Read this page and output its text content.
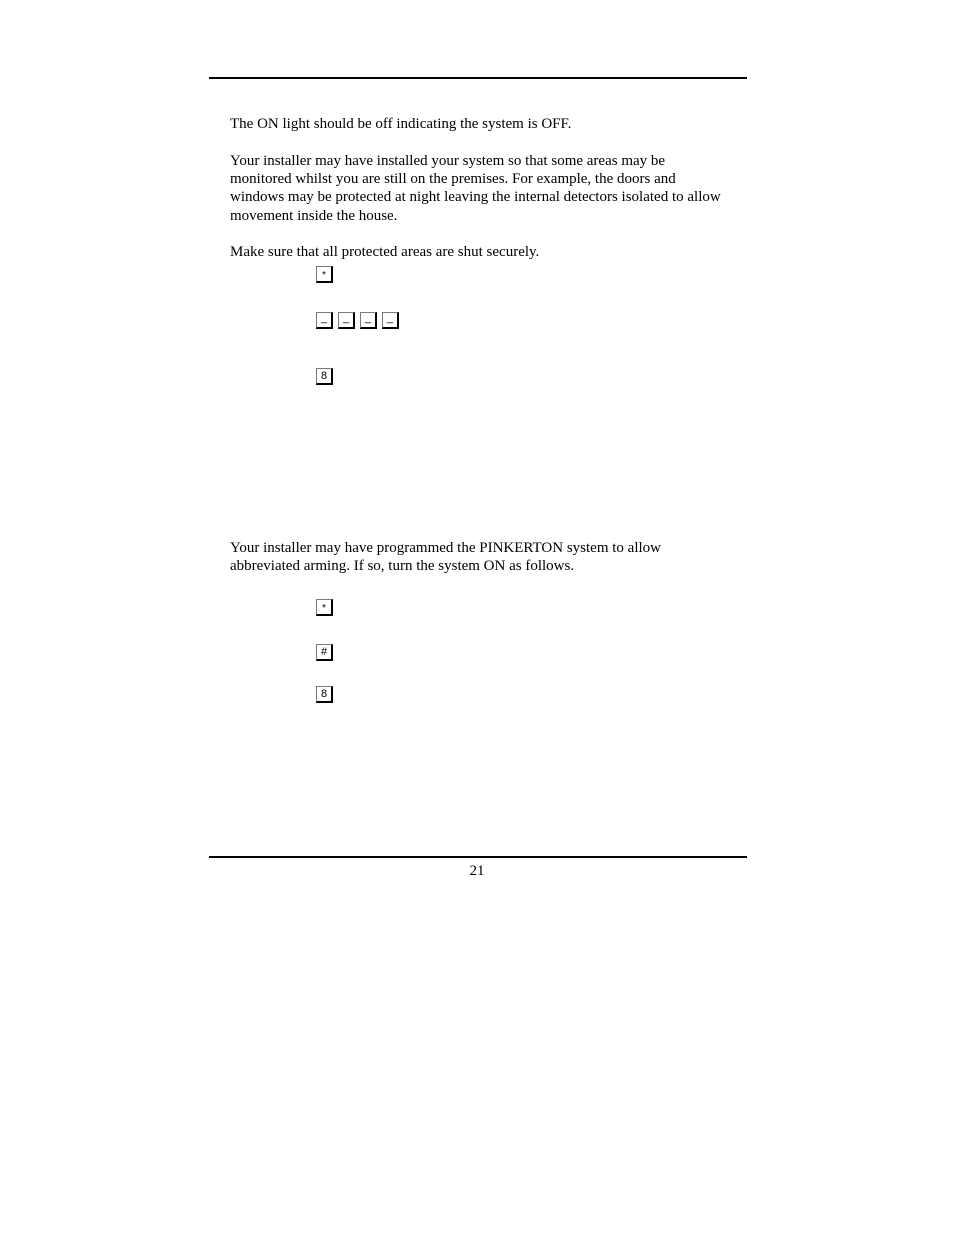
The ON light should be off indicating the system is OFF.

Your installer may have installed your system so that some areas may be monitored whilst you are still on the premises. For example, the doors and windows may be protected at night leaving the internal detectors isolated to allow movement inside the house.

Make sure that all protected areas are shut securely.

*
_	_	_	_
8

Your installer may have programmed the PINKERTON system to allow abbreviated arming. If so, turn the system ON as follows.

*
#
8
21
